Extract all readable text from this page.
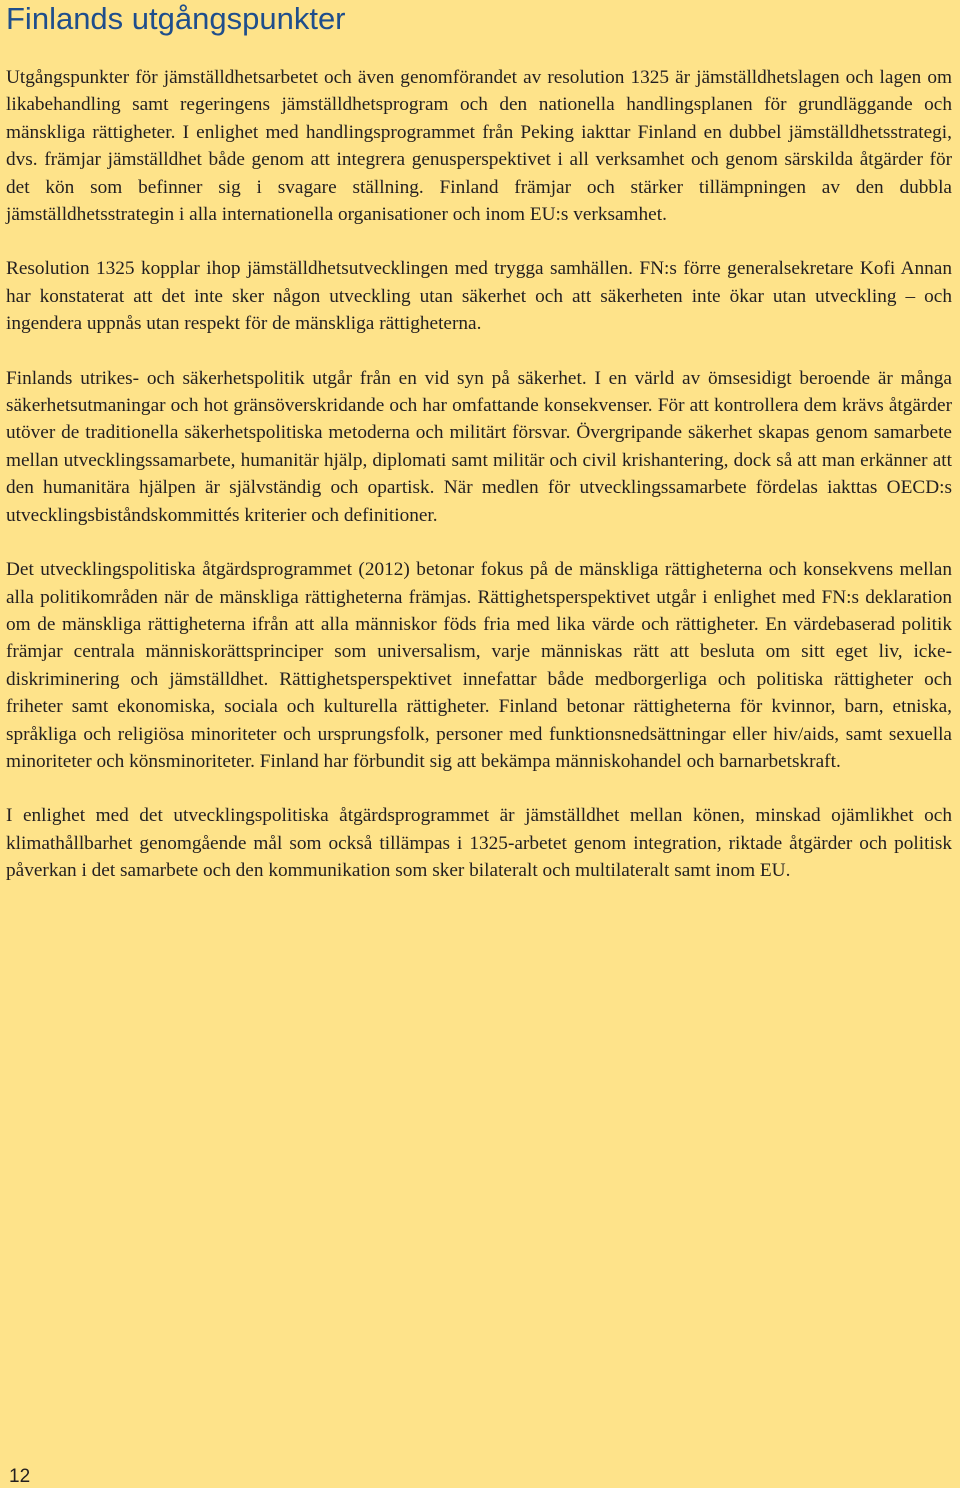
Finlands utgångspunkter

Utgångspunkter för jämställdhetsarbetet och även genomförandet av resolution 1325 är jämställdhetslagen och lagen om likabehandling samt regeringens jämställdhetsprogram och den nationella handlingsplanen för grundläggande och mänskliga rättigheter. I enlighet med handlingsprogrammet från Peking iakttar Finland en dubbel jämställdhetsstrategi, dvs. främjar jämställdhet både genom att integrera genusperspektivet i all verksamhet och genom särskilda åtgärder för det kön som befinner sig i svagare ställning. Finland främjar och stärker tillämpningen av den dubbla jämställdhetsstrategin i alla internationella organisationer och inom EU:s verksamhet.

Resolution 1325 kopplar ihop jämställdhetsutvecklingen med trygga samhällen. FN:s förre generalsekretare Kofi Annan har konstaterat att det inte sker någon utveckling utan säkerhet och att säkerheten inte ökar utan utveckling – och ingendera uppnås utan respekt för de mänskliga rättigheterna.

Finlands utrikes- och säkerhetspolitik utgår från en vid syn på säkerhet. I en värld av ömsesidigt beroende är många säkerhetsutmaningar och hot gränsöverskridande och har omfattande konsekvenser. För att kontrollera dem krävs åtgärder utöver de traditionella säkerhetspolitiska metoderna och militärt försvar. Övergripande säkerhet skapas genom samarbete mellan utvecklingssamarbete, humanitär hjälp, diplomati samt militär och civil krishantering, dock så att man erkänner att den humanitära hjälpen är självständig och opartisk. När medlen för utvecklingssamarbete fördelas iakttas OECD:s utvecklingsbiståndskommittés kriterier och definitioner.

Det utvecklingspolitiska åtgärdsprogrammet (2012) betonar fokus på de mänskliga rättigheterna och konsekvens mellan alla politikområden när de mänskliga rättigheterna främjas. Rättighetsperspektivet utgår i enlighet med FN:s deklaration om de mänskliga rättigheterna ifrån att alla människor föds fria med lika värde och rättigheter. En värdebaserad politik främjar centrala människorättsprinciper som universalism, varje människas rätt att besluta om sitt eget liv, icke-diskriminering och jämställdhet. Rättighetsperspektivet innefattar både medborgerliga och politiska rättigheter och friheter samt ekonomiska, sociala och kulturella rättigheter. Finland betonar rättigheterna för kvinnor, barn, etniska, språkliga och religiösa minoriteter och ursprungsfolk, personer med funktionsnedsättningar eller hiv/aids, samt sexuella minoriteter och könsminoriteter. Finland har förbundit sig att bekämpa människohandel och barnarbetskraft.

I enlighet med det utvecklingspolitiska åtgärdsprogrammet är jämställdhet mellan könen, minskad ojämlikhet och klimathållbarhet genomgående mål som också tillämpas i 1325-arbetet genom integration, riktade åtgärder och politisk påverkan i det samarbete och den kommunikation som sker bilateralt och multilateralt samt inom EU.

12
